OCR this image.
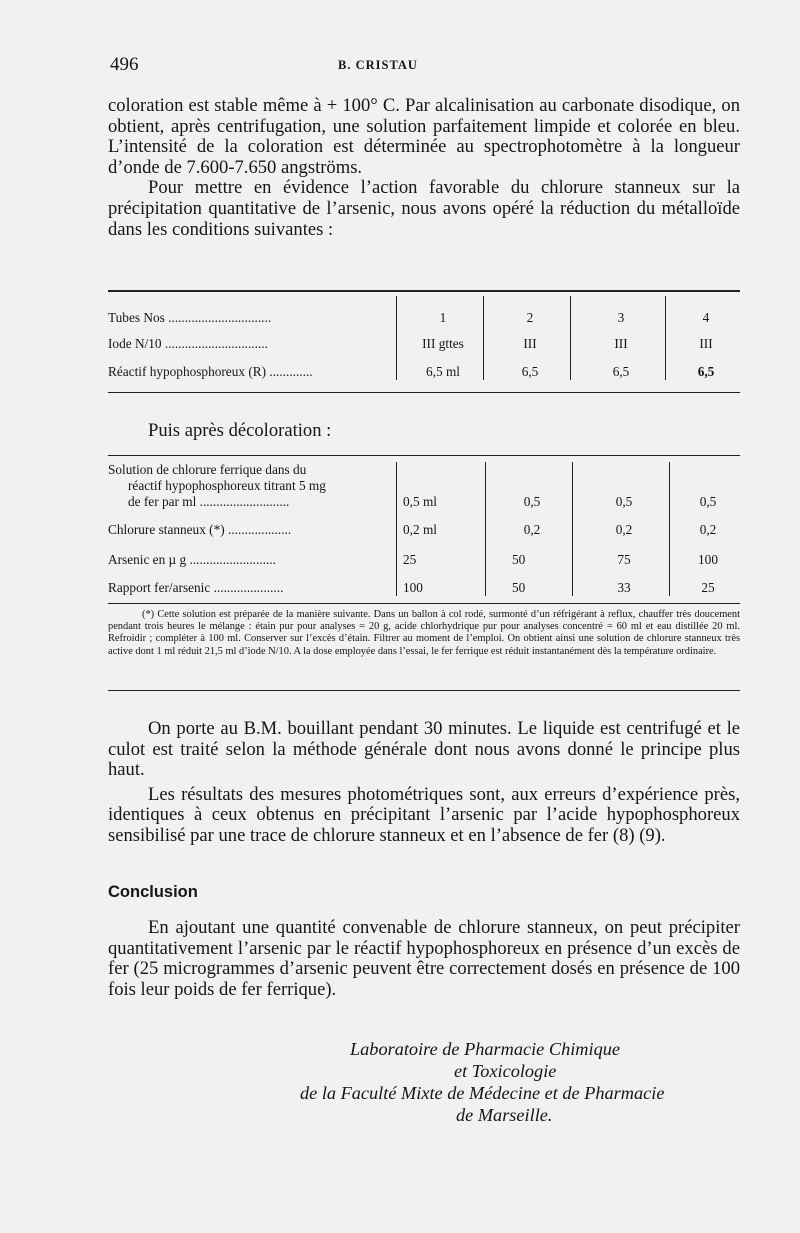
496	B. CRISTAU

coloration est stable même à + 100° C. Par alcalinisation au carbonate disodique, on obtient, après centrifugation, une solution parfaitement limpide et colorée en bleu. L’intensité de la coloration est déterminée au spectrophotomètre à la longueur d’onde de 7.600-7.650 angströms.

Pour mettre en évidence l’action favorable du chlorure stanneux sur la précipitation quantitative de l’arsenic, nous avons opéré la réduction du métalloïde dans les conditions suivantes :

Tubes Nos ...............................	1	2	3	4
Iode N/10 ...............................	III gttes	III	III	III
Réactif hypophosphoreux (R) .............	6,5 ml	6,5	6,5	6,5
Puis après décoloration :
Solution de chlorure ferrique dans du
réactif hypophosphoreux titrant 5 mg
de fer par ml ...........................	0,5 ml	0,5	0,5	0,5
Chlorure stanneux (*) ...................	0,2 ml	0,2	0,2	0,2
Arsenic en µ g ..........................	25	50	75	100
Rapport fer/arsenic .....................	100	50	33	25

(*) Cette solution est préparée de la manière suivante. Dans un ballon à col rodé, surmonté d’un réfrigérant à reflux, chauffer très doucement pendant trois heures le mélange : étain pur pour analyses = 20 g, acide chlorhydrique pur pour analyses concentré = 60 ml et eau distillée 20 ml. Refroidir ; compléter à 100 ml. Conserver sur l’excès d’étain. Filtrer au moment de l’emploi. On obtient ainsi une solution de chlorure stanneux très active dont 1 ml réduit 21,5 ml d’iode N/10. A la dose employée dans l’essai, le fer ferrique est réduit instantanément dès la température ordinaire.

On porte au B.M. bouillant pendant 30 minutes. Le liquide est centrifugé et le culot est traité selon la méthode générale dont nous avons donné le principe plus haut.

Les résultats des mesures photométriques sont, aux erreurs d’expérience près, identiques à ceux obtenus en précipitant l’arsenic par l’acide hypophosphoreux sensibilisé par une trace de chlorure stanneux et en l’absence de fer (8) (9).

Conclusion

En ajoutant une quantité convenable de chlorure stanneux, on peut précipiter quantitativement l’arsenic par le réactif hypophosphoreux en présence d’un excès de fer (25 microgrammes d’arsenic peuvent être correctement dosés en présence de 100 fois leur poids de fer ferrique).

Laboratoire de Pharmacie Chimique
et Toxicologie
de la Faculté Mixte de Médecine et de Pharmacie
de Marseille.
